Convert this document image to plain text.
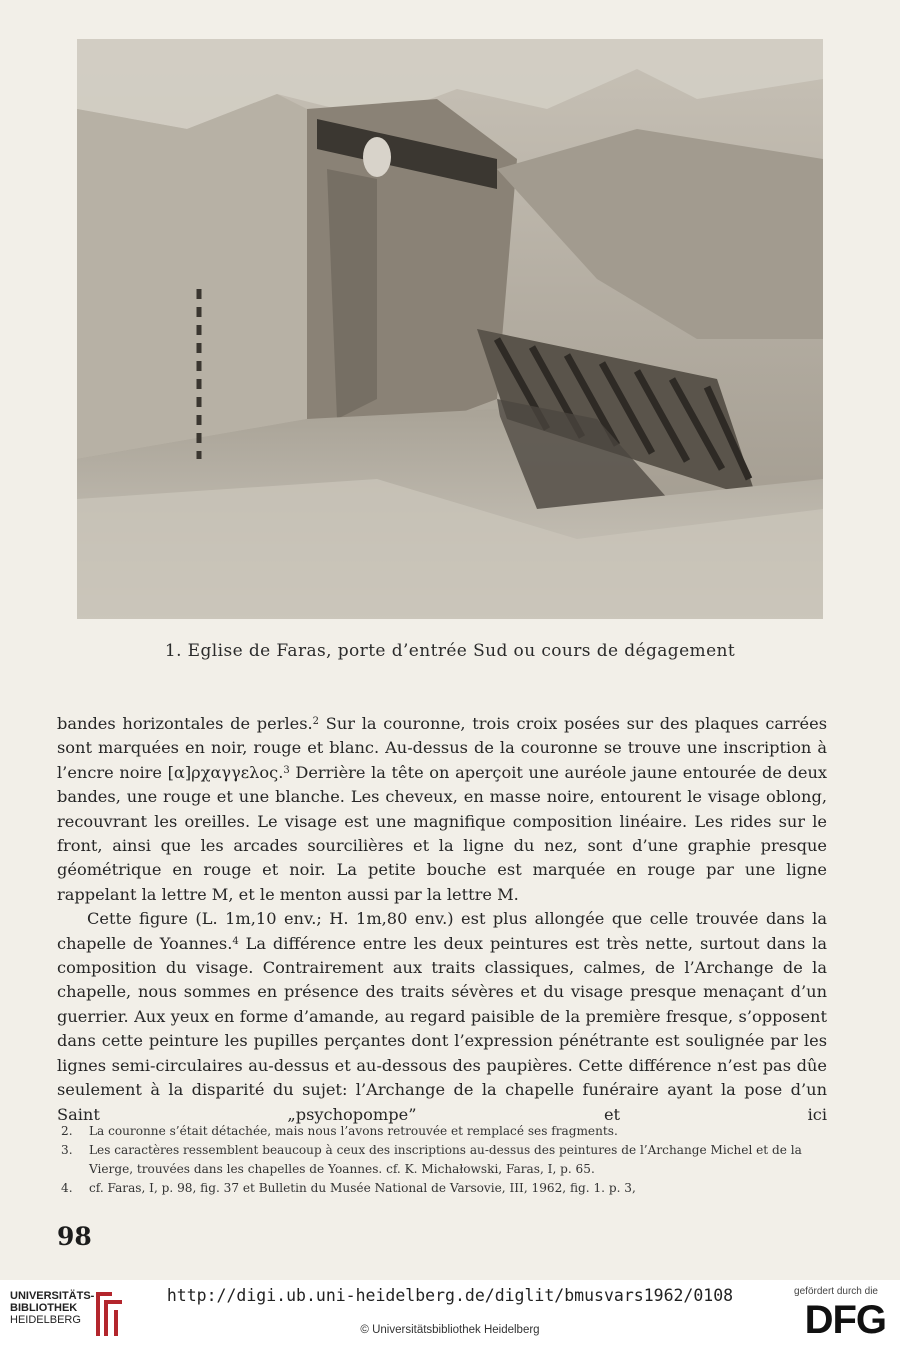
1. Eglise de Faras, porte d’entrée Sud ou cours de dégagement

bandes horizontales de perles.$^2$ Sur la couronne, trois croix posées sur des plaques carrées sont marquées en noir, rouge et blanc. Au-dessus de la couronne se trouve une inscription à l’encre noire [α]ρχαγγελος.$^3$ Derrière la tête on aperçoit une auréole jaune entourée de deux bandes, une rouge et une blanche. Les cheveux, en masse noire, entourent le visage oblong, recouvrant les oreilles. Le visage est une magnifique composition linéaire. Les rides sur le front, ainsi que les arcades sourcilières et la ligne du nez, sont d’une graphie presque géométrique en rouge et noir. La petite bouche est marquée en rouge par une ligne rappelant la lettre M, et le menton aussi par la lettre M.

Cette figure (L. 1m,10 env.; H. 1m,80 env.) est plus allongée que celle trouvée dans la chapelle de Yoannes.$^4$ La différence entre les deux peintures est très nette, surtout dans la composition du visage. Contrairement aux traits classiques, calmes, de l’Archange de la chapelle, nous sommes en présence des traits sévères et du visage presque menaçant d’un guerrier. Aux yeux en forme d’amande, au regard paisible de la première fresque, s’opposent dans cette peinture les pupilles perçantes dont l’expression pénétrante est soulignée par les lignes semi-circulaires au-dessus et au-dessous des paupières. Cette différence n’est pas dûe seulement à la disparité du sujet: l’Archange de la chapelle funéraire ayant la pose d’un Saint „psychopompe” et ici

2.	La couronne s’était détachée, mais nous l’avons retrouvée et remplacé ses fragments.
3.	Les caractères ressemblent beaucoup à ceux des inscriptions au-dessus des peintures de l’Archange Michel et de la Vierge, trouvées dans les chapelles de Yoannes. cf. K. Michałowski, Faras, I, p. 65.
4.	cf. Faras, I, p. 98, fig. 37 et Bulletin du Musée National de Varsovie, III, 1962, fig. 1. p. 3,
98
UNIVERSITÄTS-
BIBLIOTHEK
HEIDELBERG
http://digi.ub.uni-heidelberg.de/diglit/bmusvars1962/0108
© Universitätsbibliothek Heidelberg
gefördert durch die
DFG
